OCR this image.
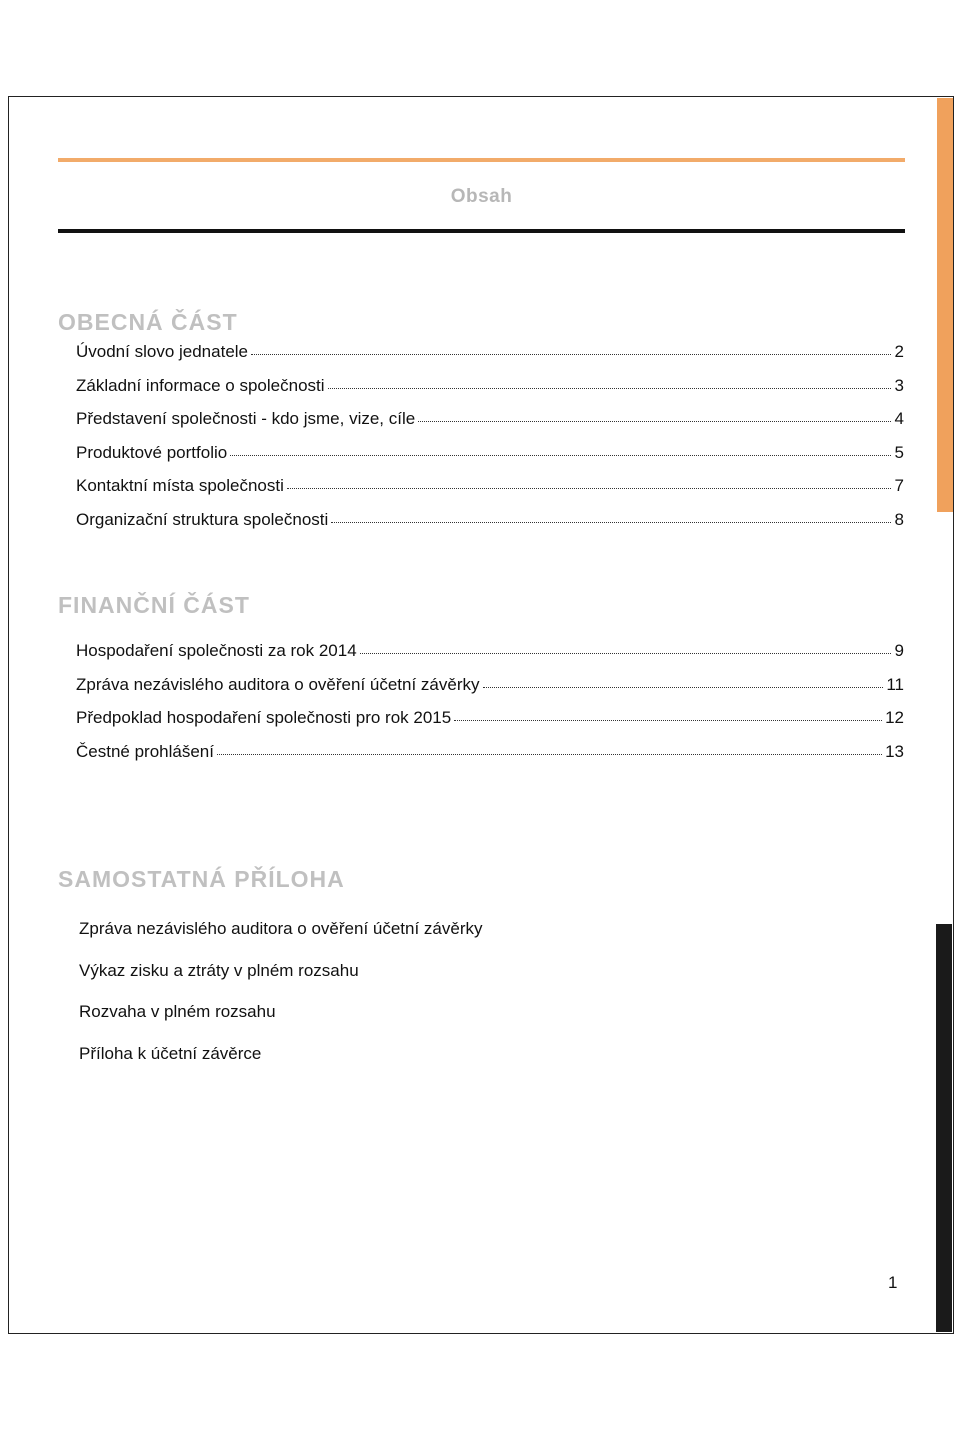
Obsah
OBECNÁ ČÁST
Úvodní slovo jednatele	2
Základní informace o společnosti	3
Představení společnosti - kdo jsme, vize, cíle	4
Produktové portfolio	5
Kontaktní místa společnosti	7
Organizační struktura společnosti	8
FINANČNÍ ČÁST
Hospodaření společnosti za rok 2014	9
Zpráva nezávislého auditora o ověření účetní závěrky	11
Předpoklad hospodaření společnosti pro rok 2015	12
Čestné prohlášení	13
SAMOSTATNÁ PŘÍLOHA
Zpráva nezávislého auditora o ověření účetní závěrky
Výkaz zisku a ztráty v plném rozsahu
Rozvaha v plném rozsahu
Příloha k účetní závěrce
1
